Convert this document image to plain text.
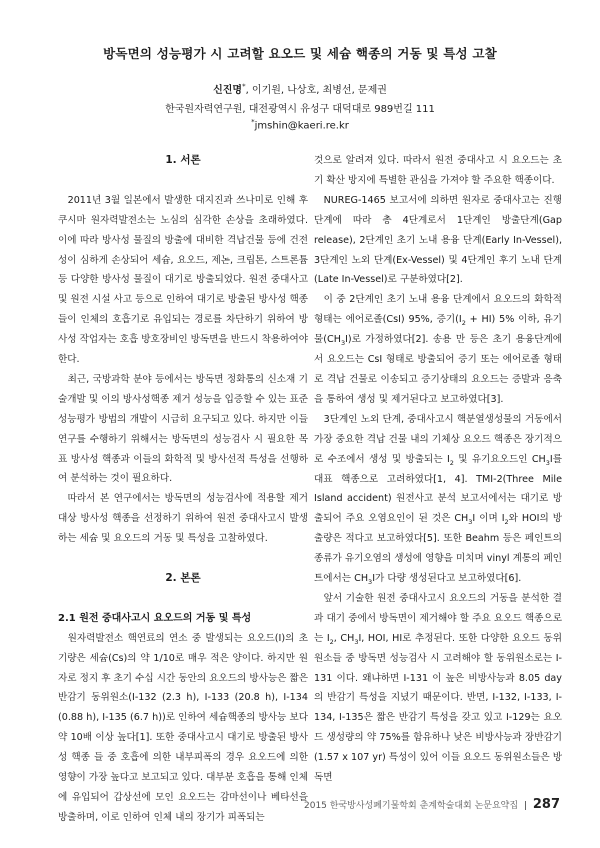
방독면의 성능평가 시 고려할 요오드 및 세슘 핵종의 거동 및 특성 고찰
신진명*, 이기원, 나상호, 최병선, 문제권
한국원자력연구원, 대전광역시 유성구 대덕대로 989번길 111
*jmshin@kaeri.re.kr
1. 서론

2011년 3월 일본에서 발생한 대지진과 쓰나미로 인해 후쿠시마 원자력발전소는 노심의 심각한 손상을 초래하였다. 이에 따라 방사성 물질의 방출에 대비한 격납건물 등에 건전성이 심하게 손상되어 세슘, 요오드, 제논, 크립톤, 스트론튬 등 다양한 방사성 물질이 대기로 방출되었다. 원전 중대사고 및 원전 시설 사고 등으로 인하여 대기로 방출된 방사성 핵종들이 인체의 호흡기로 유입되는 경로를 차단하기 위하여 방사성 작업자는 호흡 방호장비인 방독면을 반드시 착용하여야 한다.

최근, 국방과학 분야 등에서는 방독면 정화통의 신소재 기술개발 및 이의 방사성핵종 제거 성능을 입증할 수 있는 표준 성능평가 방법의 개발이 시급히 요구되고 있다. 하지만 이들 연구를 수행하기 위해서는 방독면의 성능검사 시 필요한 목표 방사성 핵종과 이들의 화학적 및 방사선적 특성을 선행하여 분석하는 것이 필요하다.

따라서 본 연구에서는 방독면의 성능검사에 적용할 제거 대상 방사성 핵종을 선정하기 위하여 원전 중대사고시 발생하는 세슘 및 요오드의 거동 및 특성을 고찰하였다.

2. 본론
2.1 원전 중대사고시 요오드의 거동 및 특성

원자력발전소 핵연료의 연소 중 발생되는 요오드(I)의 초기량은 세슘(Cs)의 약 1/10로 매우 적은 양이다. 하지만 원자로 정지 후 초기 수십 시간 동안의 요오드의 방사능은 짧은 반감기 동위원소(I-132 (2.3 h), I-133 (20.8 h), I-134 (0.88 h), I-135 (6.7 h))로 인하여 세슘핵종의 방사능 보다 약 10배 이상 높다[1]. 또한 중대사고시 대기로 방출된 방사성 핵종 들 중 호흡에 의한 내부피폭의 경우 요오드에 의한 영향이 가장 높다고 보고되고 있다. 대부분 호흡을 통해 인체에 유입되어 갑상선에 모인 요오드는 감마선이나 베타선을 방출하며, 이로 인하여 인체 내의 장기가 피폭되는

것으로 알려져 있다. 따라서 원전 중대사고 시 요오드는 초기 확산 방지에 특별한 관심을 가져야 할 주요한 핵종이다.

NUREG-1465 보고서에 의하면 원자로 중대사고는 진행단계에 따라 총 4단계로서 1단계인 방출단계(Gap release), 2단계인 초기 노내 용융 단계(Early In-Vessel), 3단계인 노외 단계(Ex-Vessel) 및 4단계인 후기 노내 단계(Late In-Vessel)로 구분하였다[2].

이 중 2단계인 초기 노내 용융 단계에서 요오드의 화학적 형태는 에어로졸(CsI) 95%, 증기$(I_2 + HI)$ 5% 이하, 유기물$(CH_3I)$로 가정하였다[2]. 송용 만 등은 초기 용융단계에서 요오드는 CsI 형태로 방출되어 증기 또는 에어로졸 형태로 격납 건물로 이송되고 증기상태의 요오드는 증발과 응축을 통하여 생성 및 제거된다고 보고하였다[3].

3단계인 노외 단계, 중대사고시 핵분열생성물의 거동에서 가장 중요한 격납 건물 내의 기체상 요오드 핵종은 장기적으로 수조에서 생성 및 방출되는 $I_2$ 및 유기요오드인 $CH_3I$를 대표 핵종으로 고려하였다[1, 4]. TMI-2(Three Mile Island accident) 원전사고 분석 보고서에서는 대기로 방출되어 주요 오염요인이 된 것은 $CH_3I$ 이며 $I_2$와 HOI의 방출량은 적다고 보고하였다[5]. 또한 Beahm 등은 페인트의 종류가 유기오염의 생성에 영향을 미치며 vinyl 계통의 페인트에서는 $CH_3I$가 다량 생성된다고 보고하였다[6].

앞서 기술한 원전 중대사고시 요오드의 거동을 분석한 결과 대기 중에서 방독면이 제거해야 할 주요 요오드 핵종으로는 $I_2$, $CH_3I$, HOI, HI로 추정된다. 또한 다양한 요오드 동위원소들 중 방독면 성능검사 시 고려해야 할 동위원소로는 I-131 이다. 왜냐하면 I-131 이 높은 비방사능과 8.05 day의 반감기 특성을 지녔기 때문이다. 반면, I-132, I-133, I-134, I-135은 짧은 반감기 특성을 갖고 있고 I-129는 요오드 생성량의 약 75%를 함유하나 낮은 비방사능과 장반감기(1.57 x 107 yr) 특성이 있어 이들 요오드 동위원소들은 방독면

2015 한국방사성폐기물학회 춘계학술대회 논문요약집 | 287
